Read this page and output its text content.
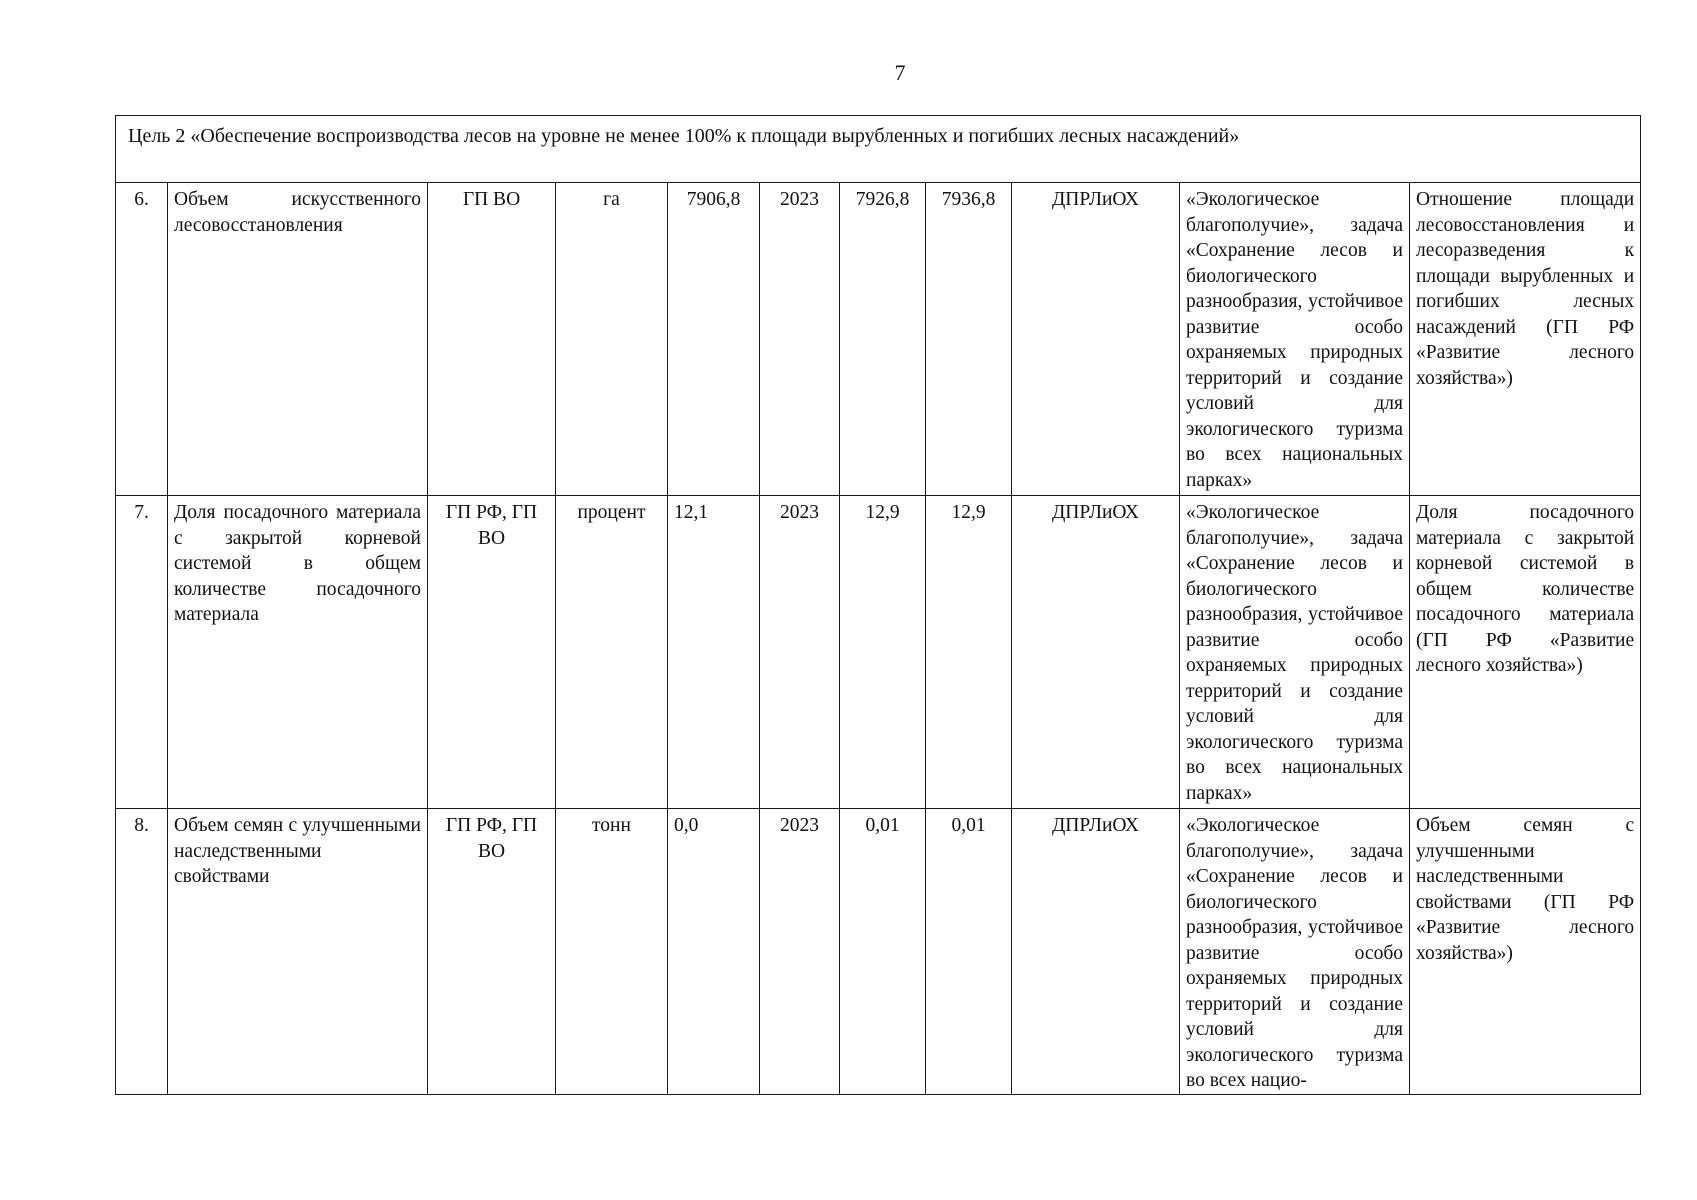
7
Цель 2 «Обеспечение воспроизводства лесов на уровне не менее 100% к площади вырубленных и погибших лесных насаждений»										
6.	Объем искусственного лесовосстановления	ГП ВО	га	7906,8	2023	7926,8	7936,8	ДПРЛиОХ	«Экологическое благополучие», задача «Сохранение лесов и биологического разнообразия, устойчивое развитие особо охраняемых природных территорий и создание условий для экологического туризма во всех национальных парках»	Отношение площади лесовосстановления и лесоразведения к площади вырубленных и погибших лесных насаждений (ГП РФ «Развитие лесного хозяйства»)
7.	Доля посадочного материала с закрытой корневой системой в общем количестве посадочного материала	ГП РФ, ГП ВО	процент	12,1	2023	12,9	12,9	ДПРЛиОХ	«Экологическое благополучие», задача «Сохранение лесов и биологического разнообразия, устойчивое развитие особо охраняемых природных территорий и создание условий для экологического туризма во всех национальных парках»	Доля посадочного материала с закрытой корневой системой в общем количестве посадочного материала (ГП РФ «Развитие лесного хозяйства»)
8.	Объем семян с улучшенными наследственными свойствами	ГП РФ, ГП ВО	тонн	0,0	2023	0,01	0,01	ДПРЛиОХ	«Экологическое благополучие», задача «Сохранение лесов и биологического разнообразия, устойчивое развитие особо охраняемых природных территорий и создание условий для экологического туризма во всех нацио-	Объем семян с улучшенными наследственными свойствами (ГП РФ «Развитие лесного хозяйства»)
